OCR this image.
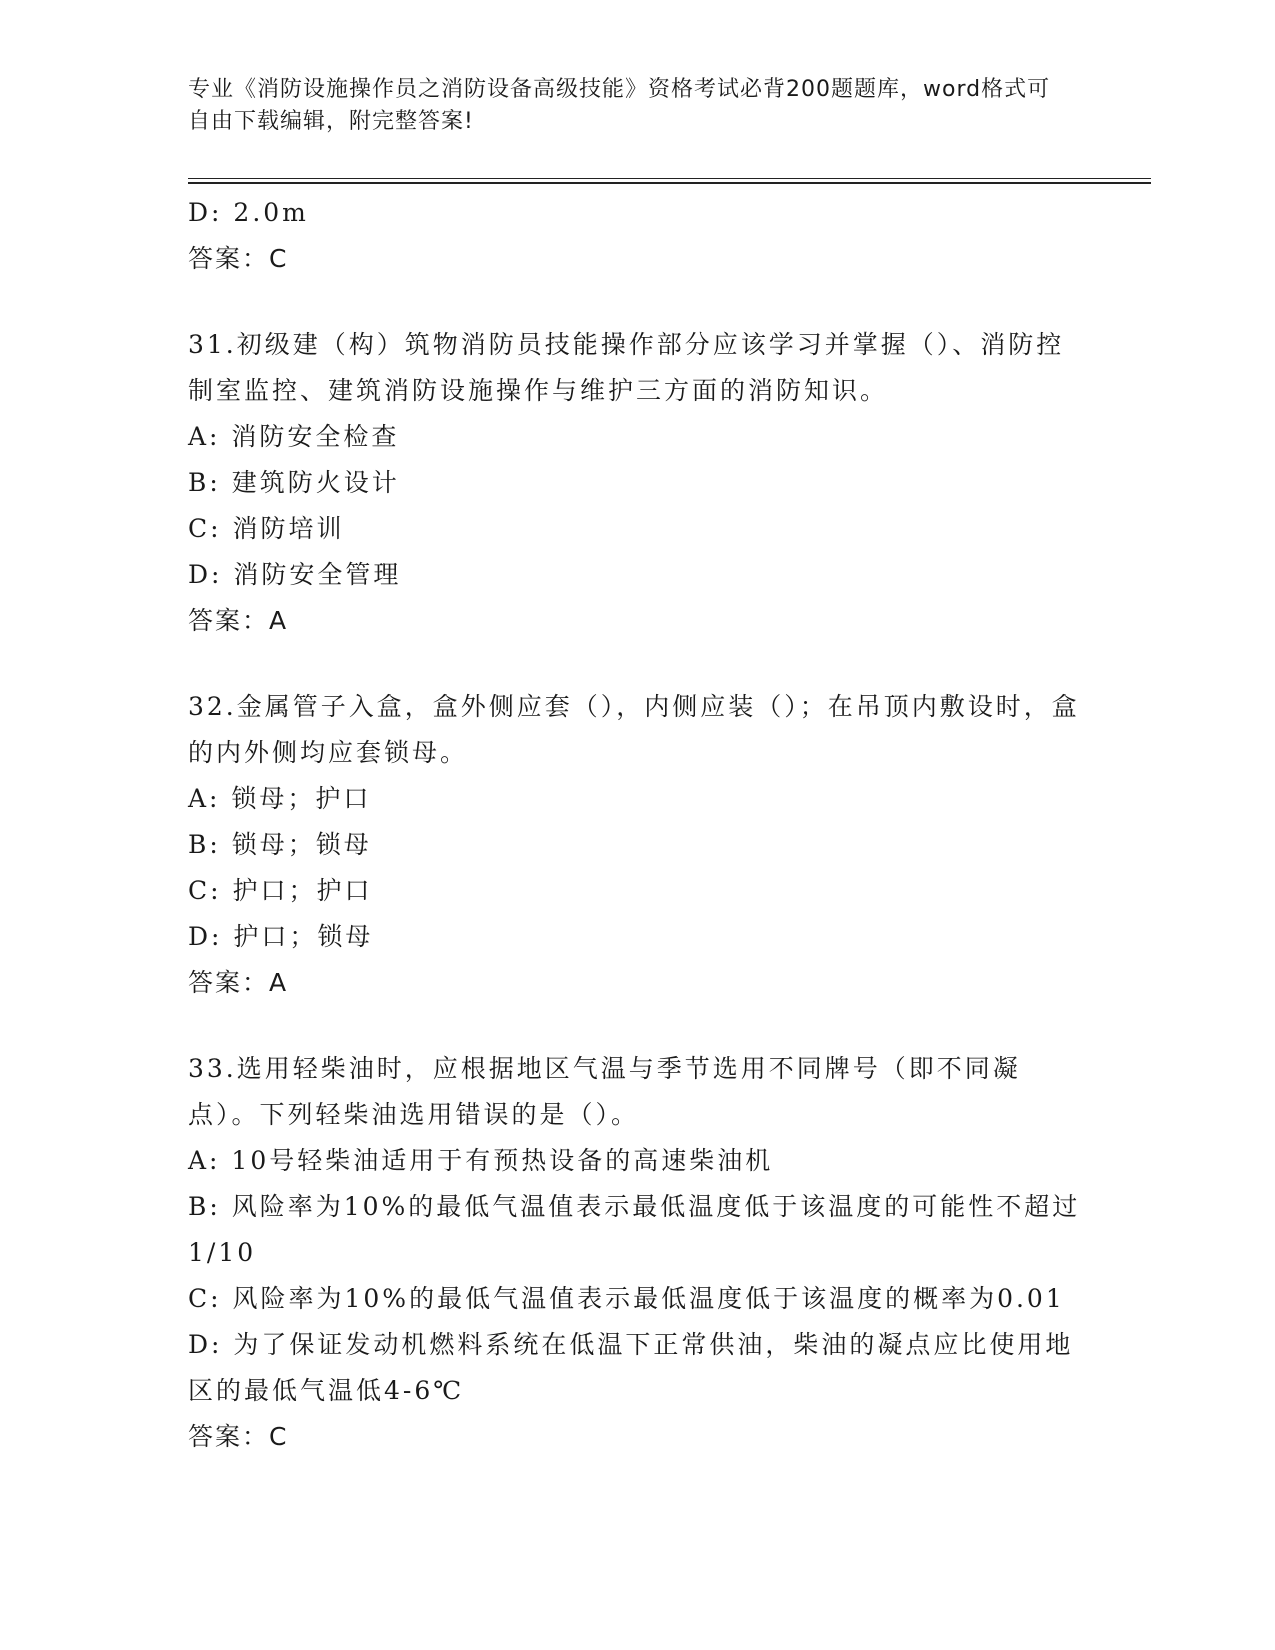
专业《消防设施操作员之消防设备高级技能》资格考试必背200题题库，word格式可自由下载编辑，附完整答案!
D: 2.0m
答案：C
31.初级建（构）筑物消防员技能操作部分应该学习并掌握（）、消防控制室监控、建筑消防设施操作与维护三方面的消防知识。
A: 消防安全检查
B: 建筑防火设计
C: 消防培训
D: 消防安全管理
答案：A
32.金属管子入盒，盒外侧应套（），内侧应装（）；在吊顶内敷设时，盒的内外侧均应套锁母。
A: 锁母；护口
B: 锁母；锁母
C: 护口；护口
D: 护口；锁母
答案：A
33.选用轻柴油时，应根据地区气温与季节选用不同牌号（即不同凝点）。下列轻柴油选用错误的是（）。
A: 10号轻柴油适用于有预热设备的高速柴油机
B: 风险率为10%的最低气温值表示最低温度低于该温度的可能性不超过1/10
C: 风险率为10%的最低气温值表示最低温度低于该温度的概率为0.01
D: 为了保证发动机燃料系统在低温下正常供油，柴油的凝点应比使用地区的最低气温低4-6℃
答案：C
